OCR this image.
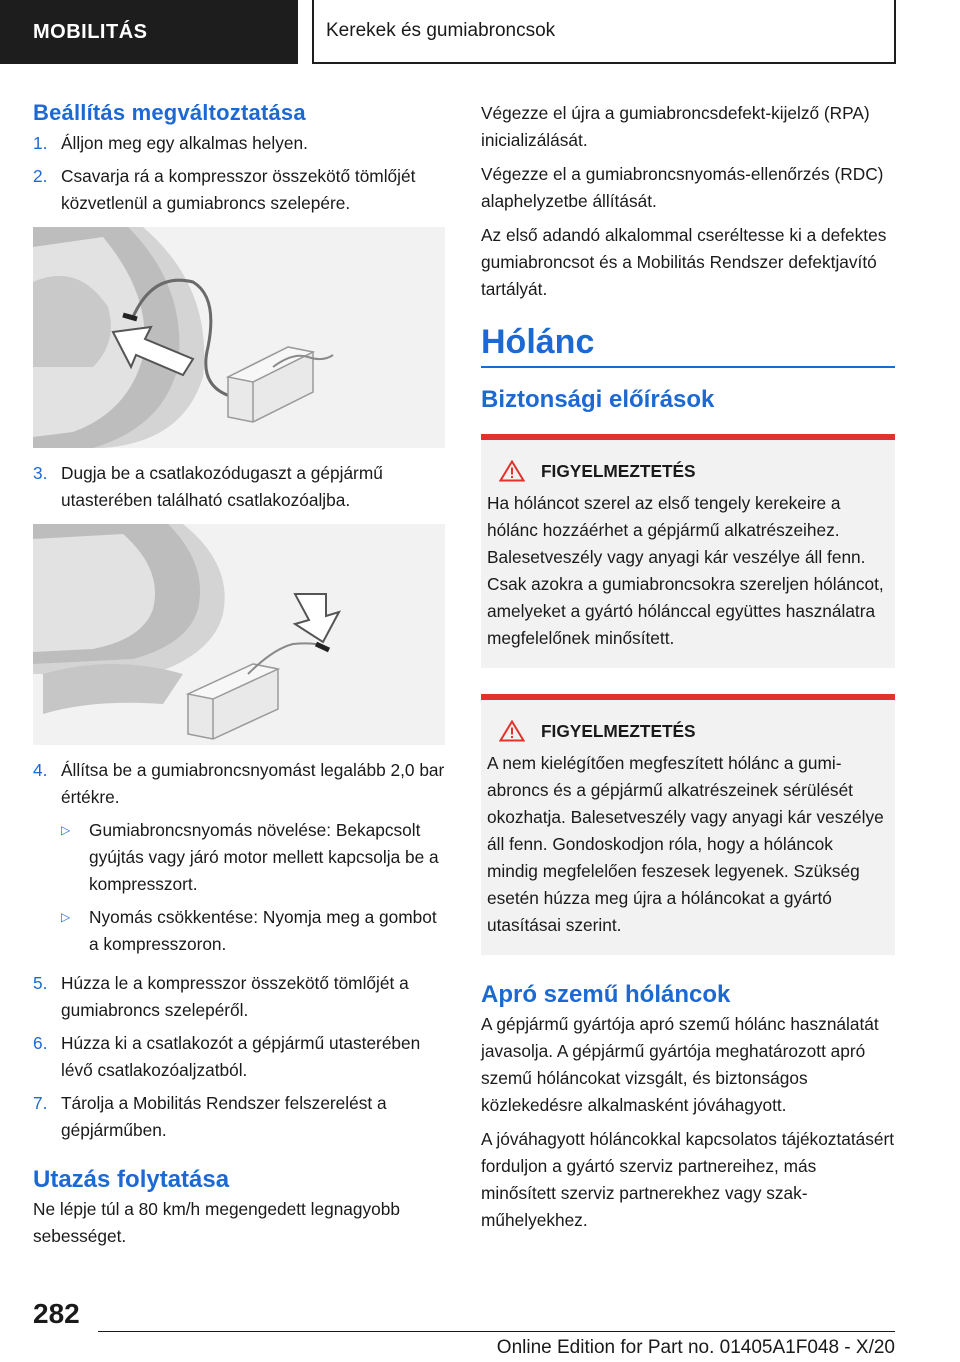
MOBILITÁS	Kerekek és gumiabroncsok
Beállítás megváltoztatása
1. Álljon meg egy alkalmas helyen.
2. Csavarja rá a kompresszor összekötő tömlőjét közvetlenül a gumiabroncs szelepére.
3. Dugja be a csatlakozódugaszt a gépjármű utasterében található csatlakozóaljba.
4. Állítsa be a gumiabroncsnyomást legalább 2,0 bar értékre.
▷	Gumiabroncsnyomás növelése: Bekapcsolt gyújtás vagy járó motor mellett kapcsolja be a kompresszort.
▷	Nyomás csökkentése: Nyomja meg a gombot a kompresszoron.
5. Húzza le a kompresszor összekötő tömlőjét a gumiabroncs szelepéről.
6. Húzza ki a csatlakozót a gépjármű utasterében lévő csatlakozóaljzatból.
7. Tárolja a Mobilitás Rendszer felszerelést a gépjárműben.
Utazás folytatása

Ne lépje túl a 80 km/h megengedett legnagyobb sebességet.

Végezze el újra a gumiabroncsdefekt-kijelző (RPA) inicializálását.

Végezze el a gumiabroncsnyomás-ellenőrzés (RDC) alaphelyzetbe állítását.

Az első adandó alkalommal cseréltesse ki a defektes gumiabroncsot és a Mobilitás Rendszer defektjavító tartályát.

Hólánc
Biztonsági előírások
FIGYELMEZTETÉS

Ha hóláncot szerel az első tengely kerekeire a hólánc hozzáérhet a gépjármű alkatrészeihez. Balesetveszély vagy anyagi kár veszélye áll fenn. Csak azokra a gumiabroncsokra szereljen hóláncot, amelyeket a gyártó hólánccal együttes használatra megfelelőnek minősített.

FIGYELMEZTETÉS

A nem kielégítően megfeszített hólánc a gumiabroncs és a gépjármű alkatrészeinek sérülését okozhatja. Balesetveszély vagy anyagi kár veszélye áll fenn. Gondoskodjon róla, hogy a hóláncok mindig megfelelően feszesek legyenek. Szükség esetén húzza meg újra a hóláncokat a gyártó utasításai szerint.

Apró szemű hóláncok

A gépjármű gyártója apró szemű hólánc használatát javasolja. A gépjármű gyártója meghatározott apró szemű hóláncokat vizsgált, és biztonságos közlekedésre alkalmasként jóváhagyott.

A jóváhagyott hóláncokkal kapcsolatos tájékoztatásért forduljon a gyártó szerviz partnereihez, más minősített szerviz partnerekhez vagy szakműhelyekhez.

282
Online Edition for Part no. 01405A1F048 - X/20
